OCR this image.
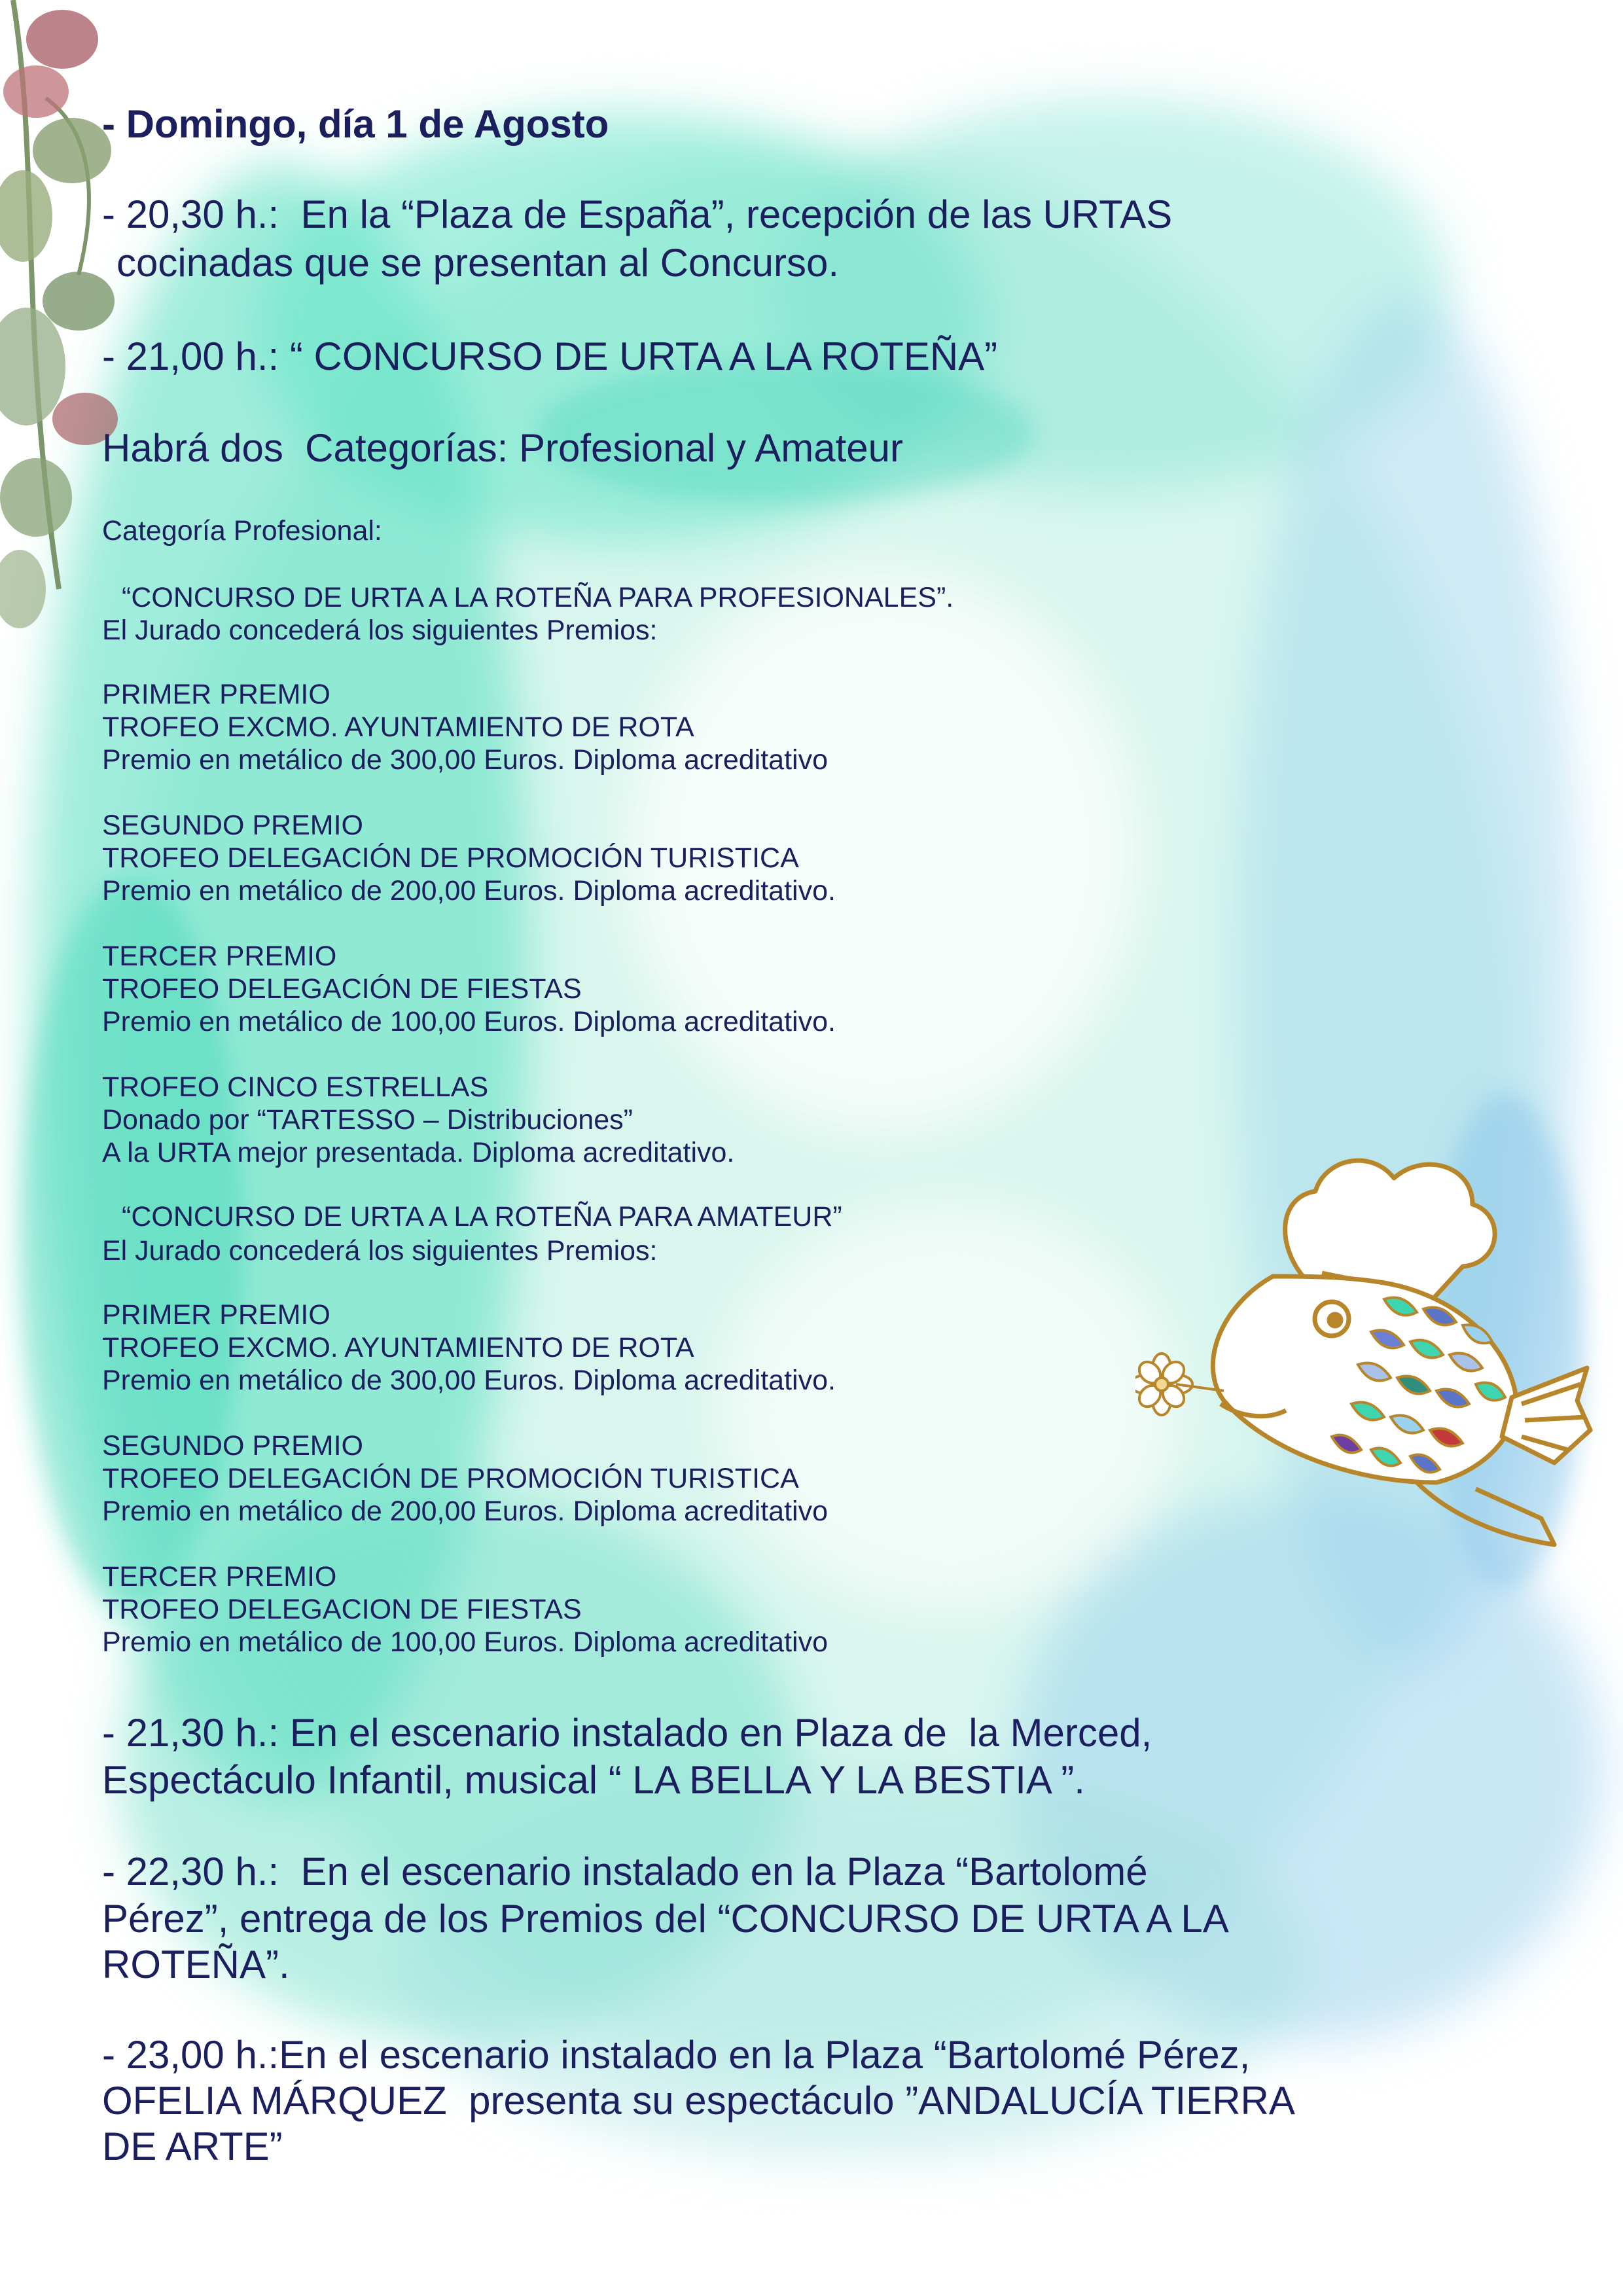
- Domingo, día 1 de Agosto

- 20,30 h.:  En la “Plaza de España”, recepción de las URTAS

cocinadas que se presentan al Concurso.

- 21,00 h.: “ CONCURSO DE URTA A LA ROTEÑA”

Habrá dos  Categorías: Profesional y Amateur

Categoría Profesional:

“CONCURSO DE URTA A LA ROTEÑA PARA PROFESIONALES”.

El Jurado concederá los siguientes Premios:

PRIMER PREMIO

TROFEO EXCMO. AYUNTAMIENTO DE ROTA

Premio en metálico de 300,00 Euros. Diploma acreditativo

SEGUNDO PREMIO

TROFEO DELEGACIÓN DE PROMOCIÓN TURISTICA

Premio en metálico de 200,00 Euros. Diploma acreditativo.

TERCER PREMIO

TROFEO DELEGACIÓN DE FIESTAS

Premio en metálico de 100,00 Euros. Diploma acreditativo.

TROFEO CINCO ESTRELLAS

Donado por “TARTESSO – Distribuciones”

A la URTA mejor presentada. Diploma acreditativo.

“CONCURSO DE URTA A LA ROTEÑA PARA AMATEUR”

El Jurado concederá los siguientes Premios:

PRIMER PREMIO

TROFEO EXCMO. AYUNTAMIENTO DE ROTA

Premio en metálico de 300,00 Euros. Diploma acreditativo.

SEGUNDO PREMIO

TROFEO DELEGACIÓN DE PROMOCIÓN TURISTICA

Premio en metálico de 200,00 Euros. Diploma acreditativo

TERCER PREMIO

TROFEO DELEGACION DE FIESTAS

Premio en metálico de 100,00 Euros. Diploma acreditativo

- 21,30 h.: En el escenario instalado en Plaza de  la Merced,

Espectáculo Infantil, musical “ LA BELLA Y LA BESTIA ”.

- 22,30 h.:  En el escenario instalado en la Plaza “Bartolomé

Pérez”, entrega de los Premios del “CONCURSO DE URTA A LA

ROTEÑA”.

- 23,00 h.:En el escenario instalado en la Plaza “Bartolomé Pérez,

OFELIA MÁRQUEZ  presenta su espectáculo ”ANDALUCÍA TIERRA

DE ARTE”
